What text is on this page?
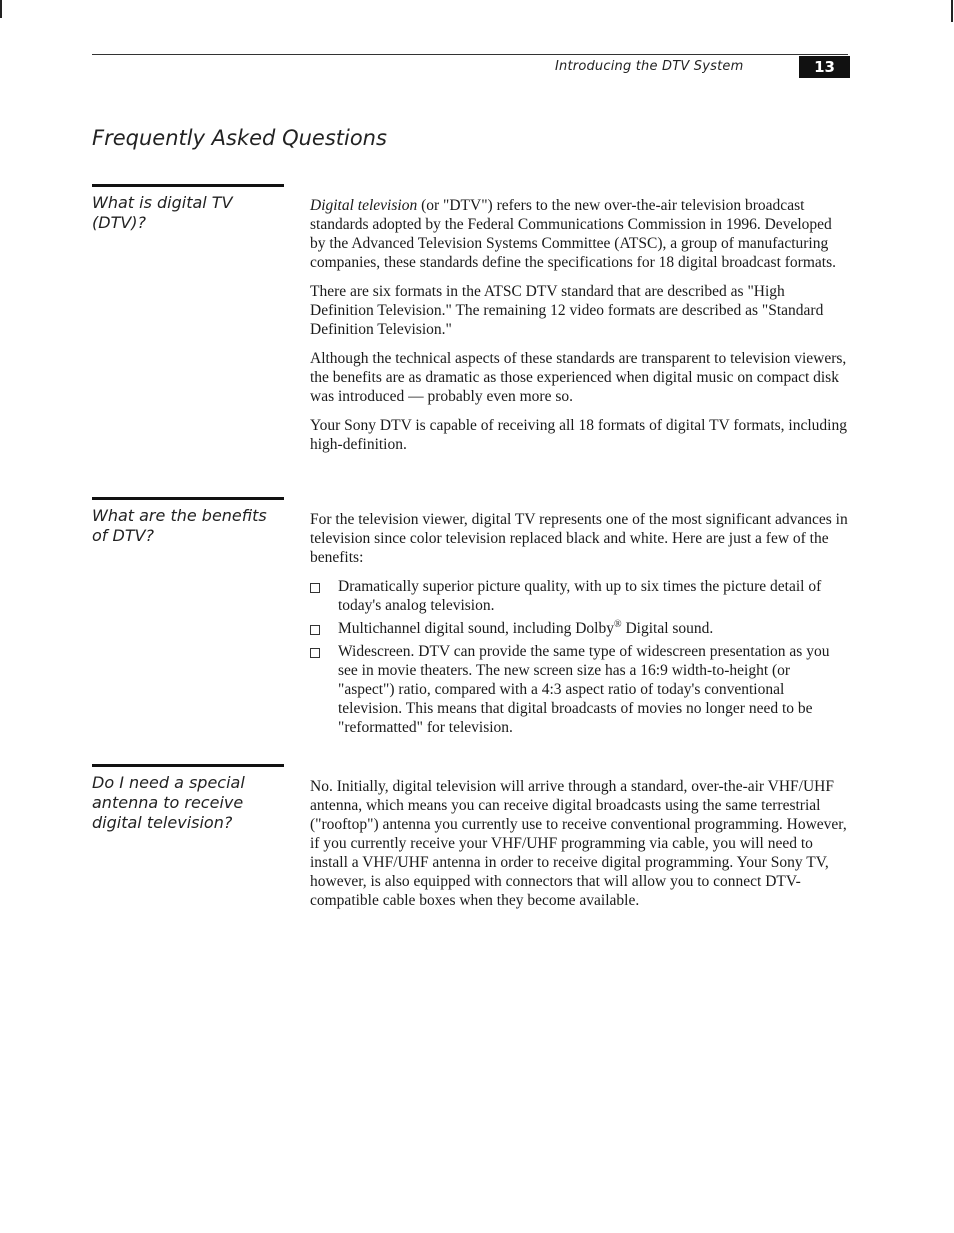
Introducing the DTV System	13
Frequently Asked Questions
What is digital TV (DTV)?

Digital television (or "DTV") refers to the new over-the-air television broadcast standards adopted by the Federal Communications Commission in 1996. Developed by the Advanced Television Systems Committee (ATSC), a group of manufacturing companies, these standards define the specifications for 18 digital broadcast formats.

There are six formats in the ATSC DTV standard that are described as "High Definition Television." The remaining 12 video formats are described as "Standard Definition Television."

Although the technical aspects of these standards are transparent to television viewers, the benefits are as dramatic as those experienced when digital music on compact disk was introduced — probably even more so.

Your Sony DTV is capable of receiving all 18 formats of digital TV formats, including high-definition.

What are the benefits of DTV?

For the television viewer, digital TV represents one of the most significant advances in television since color television replaced black and white. Here are just a few of the benefits:

Dramatically superior picture quality, with up to six times the picture detail of today's analog television.
Multichannel digital sound, including Dolby® Digital sound.
Widescreen. DTV can provide the same type of widescreen presentation as you see in movie theaters. The new screen size has a 16:9 width-to-height (or "aspect") ratio, compared with a 4:3 aspect ratio of today's conventional television. This means that digital broadcasts of movies no longer need to be "reformatted" for television.
Do I need a special antenna to receive digital television?

No. Initially, digital television will arrive through a standard, over-the-air VHF/UHF antenna, which means you can receive digital broadcasts using the same terrestrial ("rooftop") antenna you currently use to receive conventional programming. However, if you currently receive your VHF/UHF programming via cable, you will need to install a VHF/UHF antenna in order to receive digital programming. Your Sony TV, however, is also equipped with connectors that will allow you to connect DTV-compatible cable boxes when they become available.
